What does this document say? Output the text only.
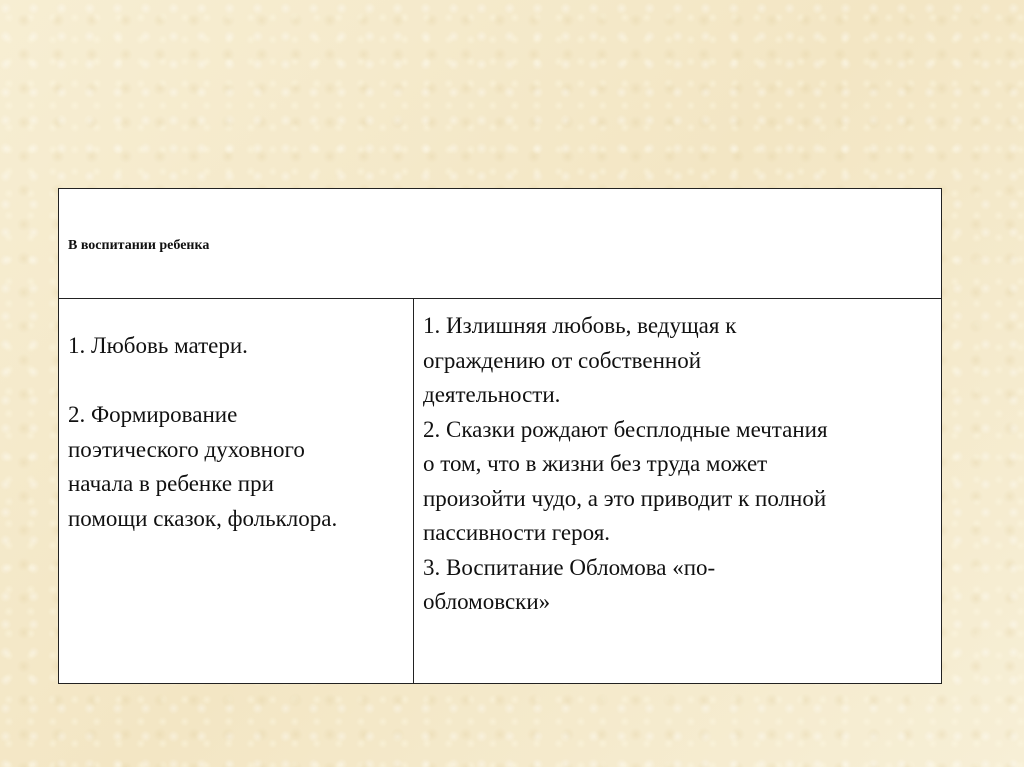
В воспитании ребенка
1. Любовь матери.
2. Формирование
поэтического духовного
начала в ребенке при
помощи сказок, фольклора.
1. Излишняя любовь, ведущая к
ограждению от собственной
деятельности.
2. Сказки рождают бесплодные мечтания
о том, что в жизни без труда может
произойти чудо, а это приводит к полной
пассивности героя.
3. Воспитание Обломова «по-
обломовски»
